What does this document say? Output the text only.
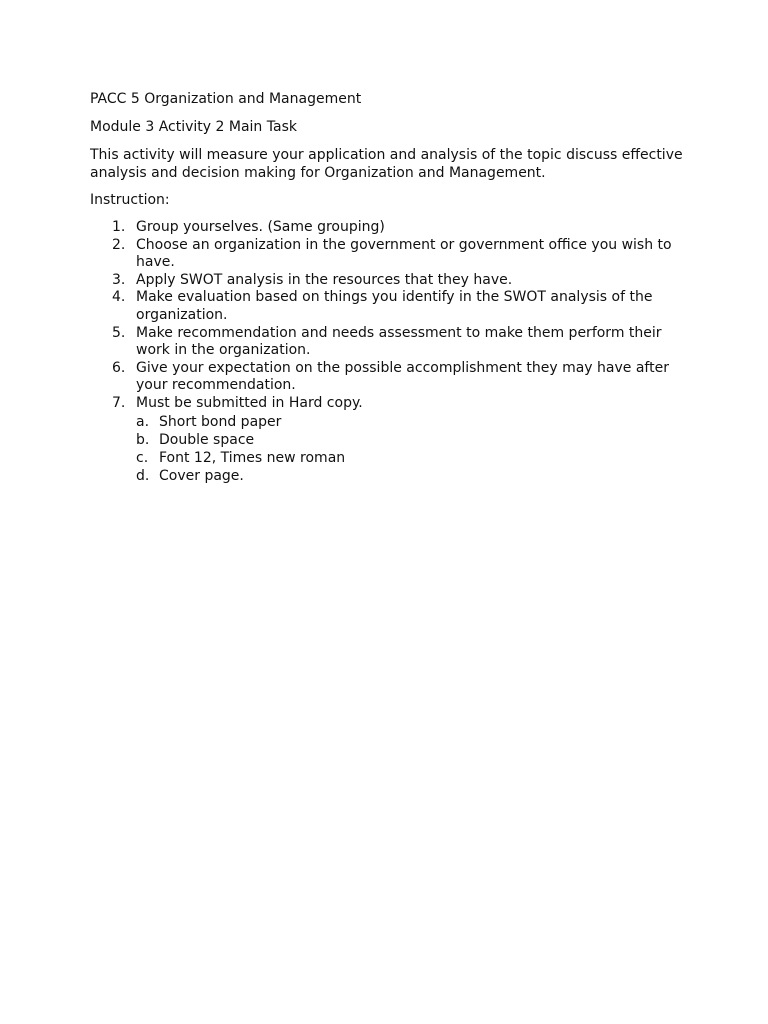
PACC 5 Organization and Management

Module 3 Activity 2 Main Task

This activity will measure your application and analysis of the topic discuss effective analysis and decision making for Organization and Management.

Instruction:

1. Group yourselves. (Same grouping)
2. Choose an organization in the government or government office you wish to have.
3. Apply SWOT analysis in the resources that they have.
4. Make evaluation based on things you identify in the SWOT analysis of the organization.
5. Make recommendation and needs assessment to make them perform their work in the organization.
6. Give your expectation on the possible accomplishment they may have after your recommendation.
7. Must be submitted in Hard copy.
a. Short bond paper
b. Double space
c. Font 12, Times new roman
d. Cover page.
